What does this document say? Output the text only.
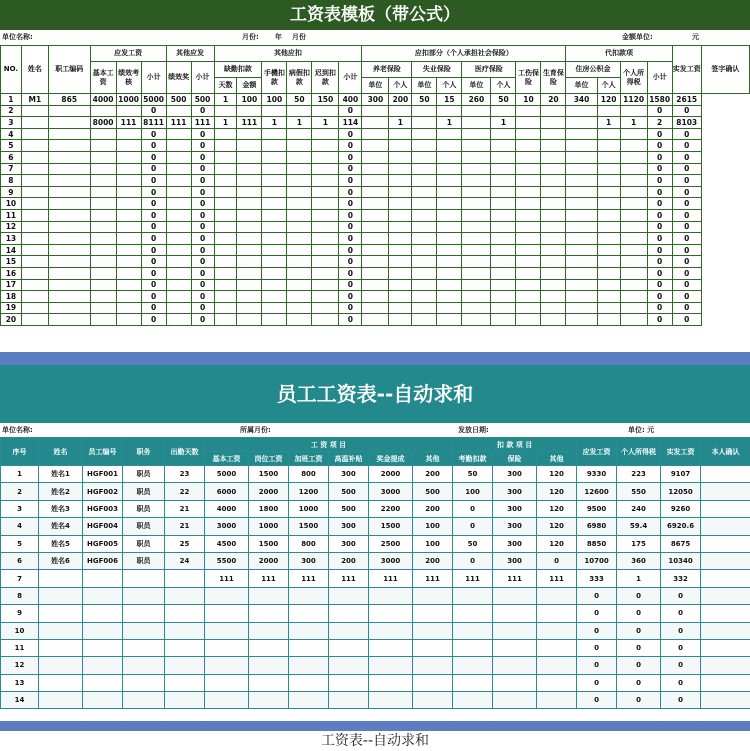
工资表模板（带公式）
单位名称:	月份: 年 月份	金额单位:	元
NO.	姓名	职工编码	应发工资			其他应发		其他应扣						应扣部分（个人承担社会保险）								代扣款项				实发工资	签字确认
			基本工资	绩效考核	小计	绩效奖	小计	缺勤扣款		手機扣款	病假扣款	迟到扣款	小计	养老保险		失业保险		医疗保险		工伤保险	生育保险	住房公积金		个人所得税	小计		
								天数	金额					单位	个人	单位	个人	单位	个人			单位	个人				
1	M1	865	4000	1000	5000	500	500	1	100	100	50	150	400	300	200	50	15	260	50	10	20	340	120	1120	1580	2615	
2					0		0						0												0	0	
3			8000	111	8111	111	111	1	111	1	1	1	114		1		1		1				1	1	2	8103	
4					0		0						0												0	0	
5					0		0						0												0	0	
6					0		0						0												0	0	
7					0		0						0												0	0	
8					0		0						0												0	0	
9					0		0						0												0	0	
10					0		0						0												0	0	
11					0		0						0												0	0	
12					0		0						0												0	0	
13					0		0						0												0	0	
14					0		0						0												0	0	
15					0		0						0												0	0	
16					0		0						0												0	0	
17					0		0						0												0	0	
18					0		0						0												0	0	
19					0		0						0												0	0	
20					0		0						0												0	0	
员工工资表--自动求和
单位名称:	所属月份:	发放日期:	单位: 元
序号	姓名	员工编号	职务	出勤天数	工 资 项 目						扣 款 项 目			应发工资	个人所得税	实发工资	本人确认
					基本工资	岗位工资	加班工资	高温补贴	奖金提成	其他	考勤扣款	保险	其他				
1	姓名1	HGF001	职员	23	5000	1500	800	300	2000	200	50	300	120	9330	223	9107	
2	姓名2	HGF002	职员	22	6000	2000	1200	500	3000	500	100	300	120	12600	550	12050	
3	姓名3	HGF003	职员	21	4000	1800	1000	500	2200	200	0	300	120	9500	240	9260	
4	姓名4	HGF004	职员	21	3000	1000	1500	300	1500	100	0	300	120	6980	59.4	6920.6	
5	姓名5	HGF005	职员	25	4500	1500	800	300	2500	100	50	300	120	8850	175	8675	
6	姓名6	HGF006	职员	24	5500	2000	300	200	3000	200	0	300	0	10700	360	10340	
7					111	111	111	111	111	111	111	111	111	333	1	332	
8														0	0	0	
9														0	0	0	
10														0	0	0	
11														0	0	0	
12														0	0	0	
13														0	0	0	
14														0	0	0	
工资表--自动求和
